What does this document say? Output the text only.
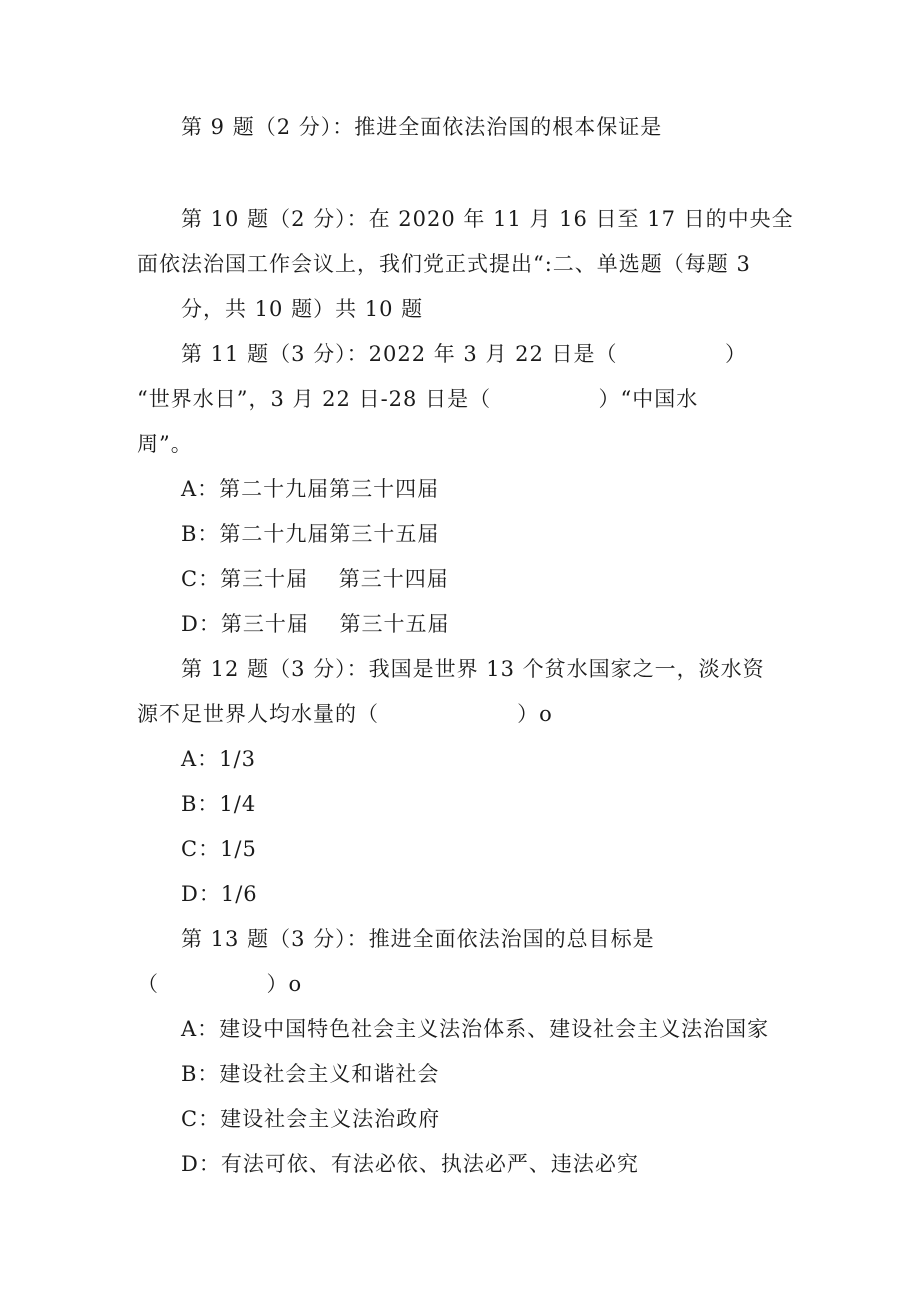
第 9 题（2 分）：推进全面依法治国的根本保证是
第 10 题（2 分）：在 2020 年 11 月 16 日至 17 日的中央全
面依法治国工作会议上，我们党正式提出“:二、单选题（每题 3
分，共 10 题）共 10 题
第 11 题（3 分）：2022 年 3 月 22 日是（              ）
“世界水日”，3 月 22 日-28 日是（              ）“中国水
周”。
A：第二十九届第三十四届
B：第二十九届第三十五届
C：第三十届    第三十四届
D：第三十届    第三十五届
第 12 题（3 分）：我国是世界 13 个贫水国家之一，淡水资
源不足世界人均水量的（                  ）o
A：1/3
B：1/4
C：1/5
D：1/6
第 13 题（3 分）：推进全面依法治国的总目标是
（              ）o
A：建设中国特色社会主义法治体系、建设社会主义法治国家
B：建设社会主义和谐社会
C：建设社会主义法治政府
D：有法可依、有法必依、执法必严、违法必究
